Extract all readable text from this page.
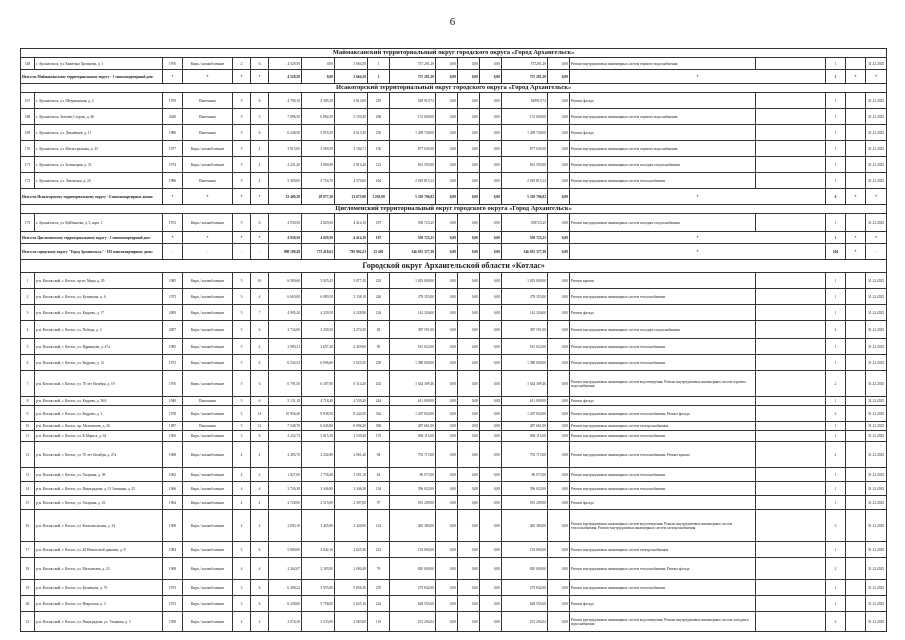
6
Маймаксанский территориальный округ городского округа «Город Архангельск»																				
148	г. Архангельск, ул. Капитана Хромцова, д. 1	1976	Кирп./ шлакоблочные	2	6	4 529,50	0,00	3 664,50	1	737 291,20	0,00	0,00	0,00	737291,20	0,00	Ремонт внутридомовых инженерных систем горячего водоснабжения		1		31.12.2025
Итого по Маймаксанскому территориальному округу - 1 многоквартирный дом:		*	*	*	*	4 529,50	0,00	3 664,50	1	737 291,20	0,00	0,00	0,00	737 291,20	0,00	*		1	*	*
Исакогорский территориальный округ городского округа «Город Архангельск»																				
167	г. Архангельск, ул. Штурманская, д. 2	1970	Панельные	5	6	4 790,10	4 385,30	3 613,00	210	549 919,72	0,00	0,00	0,00	549919,72	0,00	Ремонт фасада		1		31.12.2025
168	г. Архангельск, Зеленец Сторож, д. 46	2020	Панельные	5	3	7 896,30	6 882,50	5 150,30	260	151 000,00	0,00	0,00	0,00	151 000,00	0,00	Ремонт внутридомовых инженерных систем горячего водоснабжения		1		31.12.2025
169	г. Архангельск, ул. Дежнёвцев, д. 11	1980	Панельные	5	6	6 448,50	5 855,50	4 613,30	250	1 209 728,00	0,00	0,00	0,00	1 209 728,00	0,00	Ремонт фасада		1		31.12.2025
170	г. Архангельск, ул. Магистральная, д. 43	1977	Кирп./ шлакоблочные	3	4	3 815,00	3 560,50	3 104,71	156	877 045,00	0,00	0,00	0,00	877 045,00	0,00	Ремонт внутридомовых инженерных систем горячего водоснабжения		1		31.12.2025
171	г. Архангельск, ул. Зеленецкая, д. 31	1974	Кирп./ шлакоблочные	3	4	4 231,20	3 860,90	2 814,20	123	601 583,00	0,00	0,00	0,00	601 583,00	0,00	Ремонт внутридомовых инженерных систем холодного водоснабжения		1		31.12.2025
172	г. Архангельск, ул. Лочемская, д. 26	1986	Панельные	5	4	5 300,00	3 754,70	4 370,60	204	2 029 815,12	0,00	0,00	0,00	2 029 815,12	0,00	Ремонт внутридомовых инженерных систем теплоснабжения		1		31.12.2025
Итого по Исакогорскому территориальному округу - 6 многоквартирных домов:		*	*	*	*	32 480,30	29 077,30	23 675,90	1 203,00	5 529 706,82	0,00	0,00	0,00	5 529 706,82	0,00	*		6	*	*
Цигломенский территориальный округ городского округа «Город Архангельск»																				
173	г. Архангельск, ул. Куйбышева, д. 5, корп. 1	1972	Кирп./ шлакоблочные	5	6	4 930,50	4 829,50	4 414,10	187	558 723,25	0,00	0,00	0,00	558723,25	0,00	Ремонт внутридомовых инженерных систем холодного водоснабжения		1		31.12.2025
Итого по Цигломенскому территориальному округу - 1 многоквартирный дом:		*	*	*	*	4 930,50	4 829,50	4 414,10	187	558 723,25	0,00	0,00	0,00	558 723,25	0,00	*		1	*	*
Итого по городскому округу "Город Архангельск" - 183 многоквартирных дома:		-	-	-	-	998 189,49	773 418,63	795 902,23	35 491	346 815 377,38	0,00	0,00	0,00	346 815 377,38	0,00	*		204	*	-
Городской округ Архангельской области «Котлас»																				
1	р-н. Котласский, г. Котлас, пр-кт. Мира, д. 29	1985	Кирп./ шлакоблочные	5	10	6 580,60	5 925,45	5 077,45	210	1 025 000,00	0,00	0,00	0,00	1 025 000,00	0,00	Ремонт крыши		1		31.12.2025
2	р-н. Котласский, г. Котлас, ул. Кузнецова, д. 6	1975	Кирп./ шлакоблочные	3	4	6 665,00	6 089,50	5 138,10	246	278 355,00	0,00	0,00	0,00	278 355,00	0,00	Ремонт внутридомовых инженерных систем теплоснабжения		1		31.12.2025
3	р-н. Котласский, г. Котлас, ул. Кедрова, д. 17	2000	Кирп./ шлакоблочные	5	7	4 995,20	4 229,50	4 228,90	126	142 326,00	0,00	0,00	0,00	142 326,00	0,00	Ремонт фасада		1		31.12.2025
4	р-н. Котласский, г. Котлас, ул. Победы, д. 2	2007	Кирп./ шлакоблочные	5	6	3 734,00	3 258,50	3 274,50	82	387 591,00	0,00	0,00	0,00	387 591,00	0,00	Ремонт внутридомовых инженерных систем холодного водоснабжения		2		31.12.2025
5	р-н. Котласский, г. Котлас, ул. Ядринцева, д. 47а	1985	Кирп./ шлакоблочные	5	4	2 990,21	2 657,40	2 459,00	95	615 022,00	0,00	0,00	0,00	615 022,00	0,00	Ремонт внутридомовых инженерных систем теплоснабжения		1		31.12.2025
6	р-н. Котласский, г. Котлас, ул. Кедрова, д. 12	1973	Кирп./ шлакоблочные	5	6	6 534,52	6 096,00	5 025,50	250	1 380 000,00	0,00	0,00	0,00	1 380 000,00	0,00	Ремонт внутридомовых инженерных систем теплоснабжения		1		31.12.2025
7	р-н. Котласский, г. Котлас, ул. 70 лет Октября, д. 19	1976	Кирп./ шлакоблочные	5	6	6 791,50	6 187,00	6 114,20	202	1 344 309,46	0,00	0,00	0,00	1 344 309,46	0,00	Ремонт внутридомовых инженерных систем водоотведения; Ремонт внутридомовых инженерных систем горячего водоснабжения		2		31.12.2025
8	р-н. Котласский, г. Котлас, ул. Кедрова, д. 36А	1940	Панельные	5	6	5 131,10	4 718,40	4 539,20	244	611 000,00	0,00	0,00	0,00	611 000,00	0,00	Ремонт фасада		1		31.12.2025
9	р-н. Котласский, г. Котлас, ул. Кедрова, д. 3	1978	Кирп./ шлакоблочные	5	14	10 956,40	9 838,50	8 444,50	362	1 267 830,00	0,00	0,00	0,00	1 267 830,00	0,00	Ремонт внутридомовых инженерных систем теплоснабжения; Ремонт фасада		2		31.12.2025
10	р-н. Котласский, г. Котлас, пр. Мелентьева, д. 26	1987	Панельные	5	12	7 548,70	6 645,80	6 096,20	300	287 661,00	0,00	0,00	0,00	287 661,00	0,00	Ремонт внутридомовых инженерных систем электроснабжения		1		31.12.2025
11	р-н. Котласский, г. Котлас, ул. К.Маркса, д. 62	1963	Кирп./ шлакоблочные	5	8	4 232,73	3 815,30	3 530,30	170	804 115,00	0,00	0,00	0,00	804 115,00	0,00	Ремонт внутридомовых инженерных систем теплоснабжения		1		31.12.2025
12	р-н. Котласский, г. Котлас, ул. 70 лет Октября, д. 27а	1968	Кирп./ шлакоблочные	4	4	2 283,70	2 202,80	2 061,40	94	755 715,00	0,00	0,00	0,00	755 715,00	0,00	Ремонт внутридомовых инженерных систем теплоснабжения; Ремонт крыши		2		31.12.2025
13	р-н. Котласский, г. Котлас, ул. Гагарина, д. 58	1962	Кирп./ шлакоблочные	4	2	1 827,00	1 758,40	1 591,10	62	80 075,00	0,00	0,00	0,00	80 075,00	0,00	Ремонт внутридомовых инженерных систем теплоснабжения		1		31.12.2025
14	р-н. Котласский, г. Котлас, ул. Виноградова, д. 31 Затинная, д. 25	1966	Кирп./ шлакоблочные	4	4	3 726,30	3 346,90	3 346,50	134	596 022,00	0,00	0,00	0,00	596 022,00	0,00	Ремонт внутридомовых инженерных систем теплоснабжения		1		31.12.2025
15	р-н. Котласский, г. Котлас, ул. Гагарина, д. 16	1964	Кирп./ шлакоблочные	4	4	2 728,00	2 515,00	2 397,00	97	591 209,00	0,00	0,00	0,00	591 209,00	0,00	Ремонт фасада		1		31.12.2025
16	р-н. Котласский, г. Котлас, ул. Комсомольская, д. 34	1969	Кирп./ шлакоблочные	4	4	3 803,10	3 465,80	3 420,90	122	465 380,00	0,00	0,00	0,00	465 380,00	0,00	Ремонт внутридомовых инженерных систем водоотведения; Ремонт внутридомовых инженерных систем теплоснабжения; Ремонт внутридомовых инженерных систем электроснабжения		3		31.12.2025
17	р-н. Котласский, г. Котлас, ул. 28 Невельской дивизии, д. 8	1984	Кирп./ шлакоблочные	5	6	5 800,00	4 842,10	4 625,30	232	192 060,00	0,00	0,00	0,00	192 060,00	0,00	Ремонт внутридомовых инженерных систем электроснабжения		1		31.12.2025
18	р-н. Котласский, г. Котлас, ул. Мелентьева, д. 23	1968	Кирп./ шлакоблочные	4	4	2 262,67	2 183,90	2 000,48	76	820 000,00	0,00	0,00	0,00	820 000,00	0,00	Ремонт внутридомовых инженерных систем теплоснабжения; Ремонт фасада		2		31.12.2025
19	р-н. Котласский, г. Котлас, ул. Кузнецова, д. 7б	1973	Кирп./ шлакоблочные	5	6	6 498,22	5 955,00	5 856,30	270	275 842,00	0,00	0,00	0,00	275 842,00	0,00	Ремонт внутридомовых инженерных систем теплоснабжения		1		31.12.2025
20	р-н. Котласский, г. Котлас, ул. Некрасова, д. 3	1972	Кирп./ шлакоблочные	5	6	6 238,60	5 758,00	5 625,10	244	628 555,00	0,00	0,00	0,00	628 555,00	0,00	Ремонт фасада		1		31.12.2025
21	р-н. Котласский, г. Котлас, ул. Виноградова, ул. Ульянова, д. 5	1958	Кирп./ шлакоблочные	4	4	3 676,30	3 233,00	2 983,00	116	251 294,04	0,00	0,00	0,00	251 294,04	0,00	Ремонт внутридомовых инженерных систем водоотведения; Ремонт внутридомовых инженерных систем холодного водоснабжения		2		31.12.2025
